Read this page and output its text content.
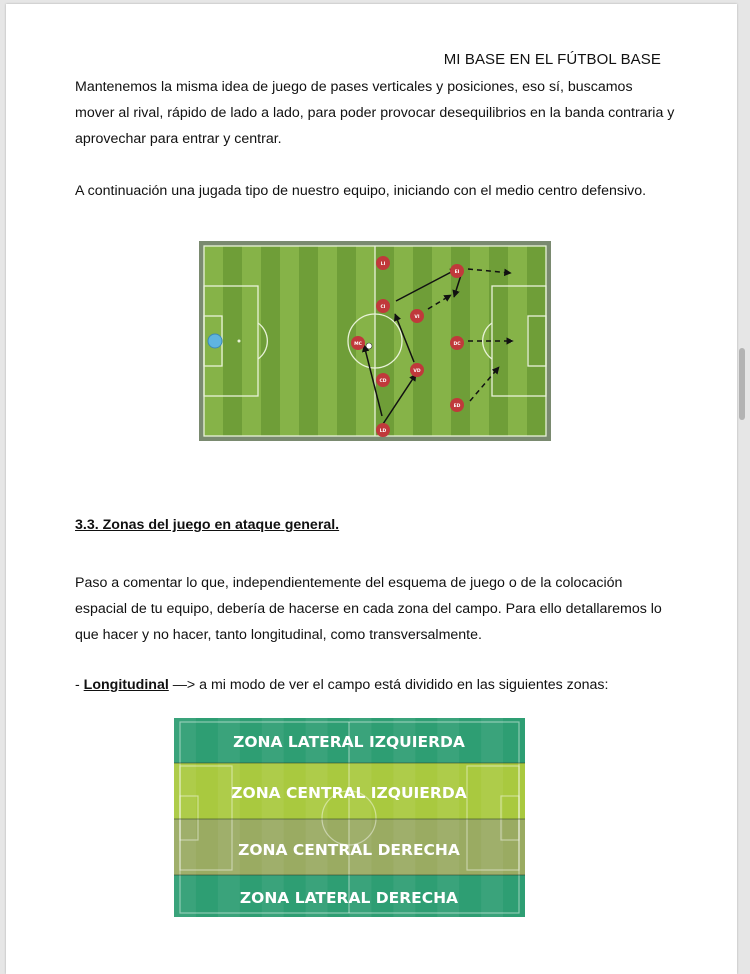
MI BASE EN EL FÚTBOL BASE

Mantenemos la misma idea de juego de pases verticales y posiciones, eso sí, buscamos mover al rival, rápido de lado a lado, para poder provocar desequilibrios en la banda contraria y aprovechar para entrar y centrar.

A continuación una jugada tipo de nuestro equipo, iniciando con el medio centro defensivo.

LI
EI
CI
VI
MC	DC
VD
CD
ED
LD
3.3. Zonas del juego en ataque general.

Paso a comentar lo que, independientemente del esquema de juego o de la colocación espacial de tu equipo, debería de hacerse en cada zona del campo. Para ello detallaremos lo que hacer y no hacer, tanto longitudinal, como transversalmente.

- Longitudinal —> a mi modo de ver el campo está dividido en las siguientes zonas:

ZONA LATERAL IZQUIERDA
ZONA CENTRAL IZQUIERDA
ZONA CENTRAL DERECHA
ZONA LATERAL DERECHA
